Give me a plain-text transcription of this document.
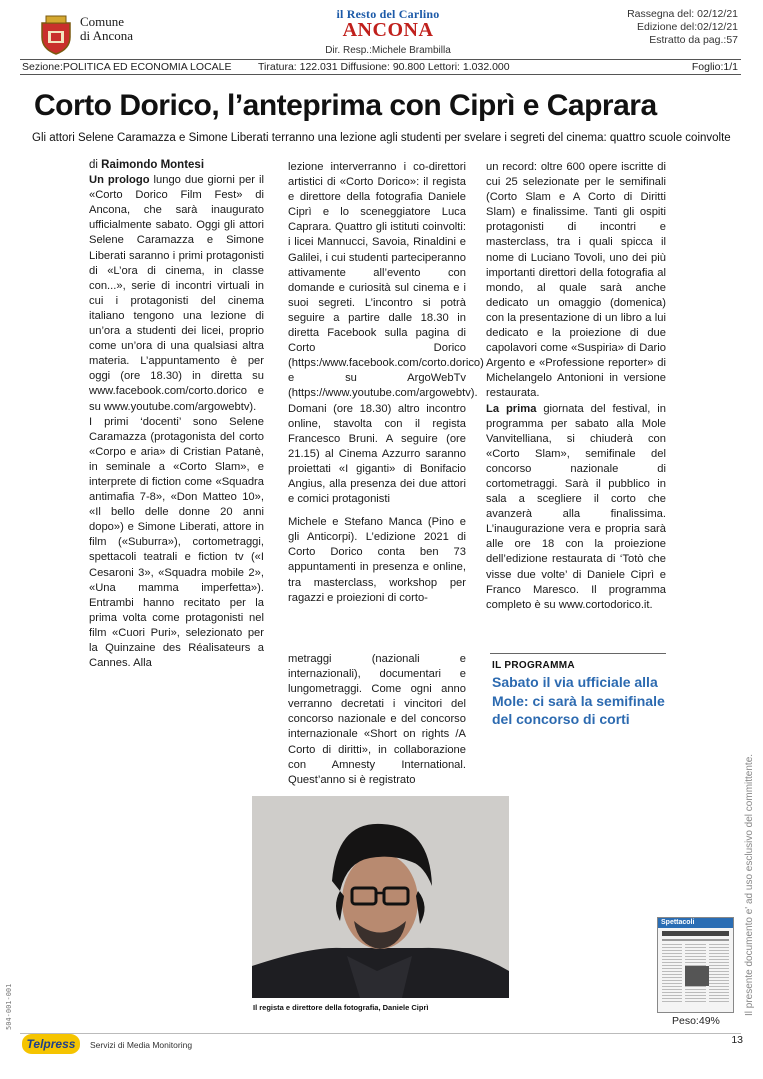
Comune
di Ancona
il Resto del Carlino
ANCONA
Dir. Resp.:Michele Brambilla
Rassegna del: 02/12/21
Edizione del:02/12/21
Estratto da pag.:57
Sezione:POLITICA ED ECONOMIA LOCALE	Tiratura: 122.031 Diffusione: 90.800 Lettori: 1.032.000	Foglio:1/1
Corto Dorico, l’anteprima con Ciprì e Caprara
Gli attori Selene Caramazza e Simone Liberati terranno una lezione agli studenti per svelare i segreti del cinema: quattro scuole coinvolte

di Raimondo Montesi

Un prologo lungo due giorni per il «Corto Dorico Film Fest» di Ancona, che sarà inaugurato ufficialmente sabato. Oggi gli attori Selene Caramazza e Simone Liberati saranno i primi protagonisti di «L’ora di cinema, in classe con...», serie di incontri virtuali in cui i protagonisti del cinema italiano tengono una lezione di un’ora a studenti dei licei, proprio come un’ora di una qualsiasi altra materia. L’appuntamento è per oggi (ore 18.30) in diretta su www.facebook.com/corto.dorico e su www.youtube.com/argowebtv).

I primi ‘docenti’ sono Selene Caramazza (protagonista del corto «Corpo e aria» di Cristian Patanè, in seminale a «Corto Slam», e interprete di fiction come «Squadra antimafia 7-8», «Don Matteo 10», «Il bello delle donne 20 anni dopo») e Simone Liberati, attore in film («Suburra»), cortometraggi, spettacoli teatrali e fiction tv («I Cesaroni 3», «Squadra mobile 2», «Una mamma imperfetta»). Entrambi hanno recitato per la prima volta come protagonisti nel film «Cuori Puri», selezionato per la Quinzaine des Réalisateurs a Cannes. Alla

lezione interverranno i co-direttori artistici di «Corto Dorico»: il regista e direttore della fotografia Daniele Ciprì e lo sceneggiatore Luca Caprara. Quattro gli istituti coinvolti: i licei Mannucci, Savoia, Rinaldini e Galilei, i cui studenti parteciperanno attivamente all’evento con domande e curiosità sul cinema e i suoi segreti. L’incontro si potrà seguire a partire dalle 18.30 in diretta Facebook sulla pagina di Corto Dorico (https:/www.facebook.com/corto.dorico) e su ArgoWebTv (https://www.youtube.com/argowebtv). Domani (ore 18.30) altro incontro online, stavolta con il regista Francesco Bruni. A seguire (ore 21.15) al Cinema Azzurro saranno proiettati «I giganti» di Bonifacio Angius, alla presenza dei due attori e comici protagonisti

Michele e Stefano Manca (Pino e gli Anticorpi). L’edizione 2021 di Corto Dorico conta ben 73 appuntamenti in presenza e online, tra masterclass, workshop per ragazzi e proiezioni di corto-

metraggi (nazionali e internazionali), documentari e lungometraggi. Come ogni anno verranno decretati i vincitori del concorso nazionale e del concorso internazionale «Short on rights /A Corto di diritti», in collaborazione con Amnesty International. Quest’anno si è registrato

un record: oltre 600 opere iscritte di cui 25 selezionate per le semifinali (Corto Slam e A Corto di Diritti Slam) e finalissime. Tanti gli ospiti protagonisti di incontri e masterclass, tra i quali spicca il nome di Luciano Tovoli, uno dei più importanti direttori della fotografia al mondo, al quale sarà anche dedicato un omaggio (domenica) con la presentazione di un libro a lui dedicato e la proiezione di due capolavori come «Suspiria» di Dario Argento e «Professione reporter» di Michelangelo Antonioni in versione restaurata.

La prima giornata del festival, in programma per sabato alla Mole Vanvitelliana, si chiuderà con «Corto Slam», semifinale del concorso nazionale di cortometraggi. Sarà il pubblico in sala a scegliere il corto che avanzerà alla finalissima. L’inaugurazione vera e propria sarà alle ore 18 con la proiezione dell’edizione restaurata di ‘Totò che visse due volte’ di Daniele Ciprì e Franco Maresco. Il programma completo è su www.cortodorico.it.

IL PROGRAMMA
Sabato il via ufficiale alla Mole: ci sarà la semifinale del concorso di corti
Il regista e direttore della fotografia, Daniele Ciprì
Spettacoli
Peso:49%
Il presente documento e' ad uso esclusivo del committente.
504-001-001
Telpress	Servizi di Media Monitoring	13
